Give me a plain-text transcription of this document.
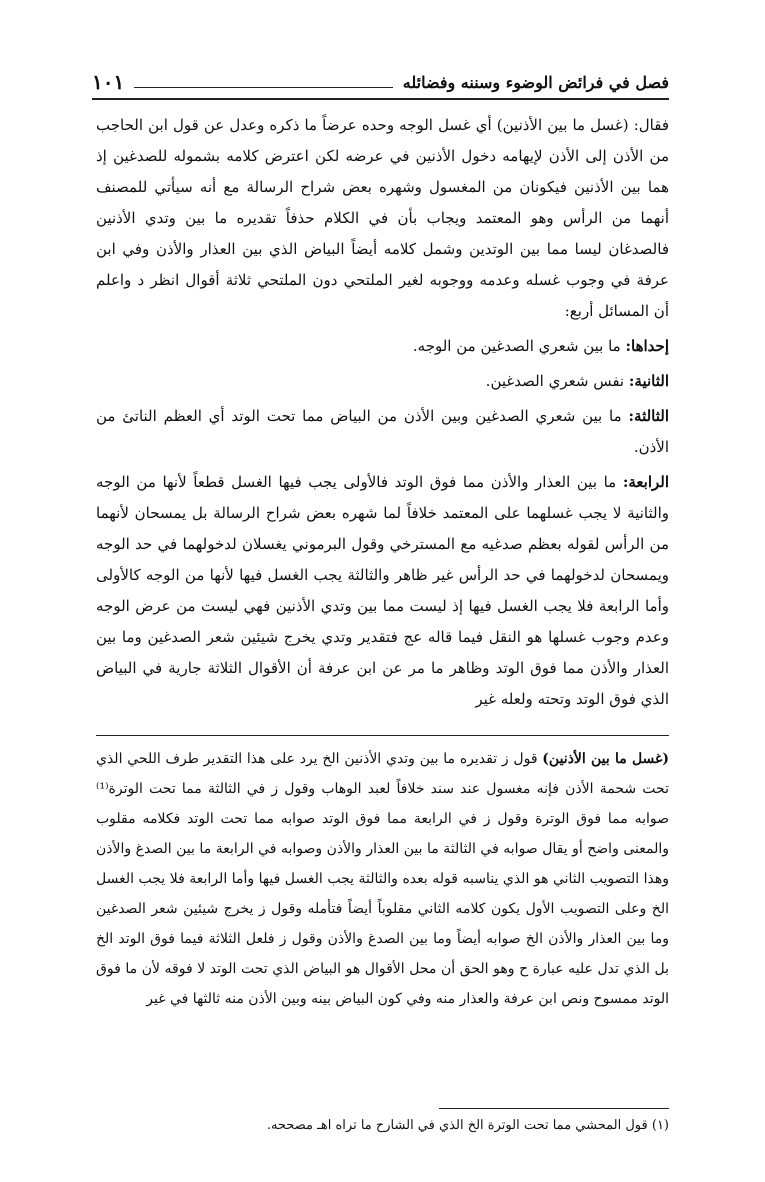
فصل في فرائض الوضوء وسننه وفضائله
١٠١

فقال: (غسل ما بين الأذنين) أي غسل الوجه وحده عرضاً ما ذكره وعدل عن قول ابن الحاجب من الأذن إلى الأذن لإيهامه دخول الأذنين في عرضه لكن اعترض كلامه بشموله للصدغين إذ هما بين الأذنين فيكونان من المغسول وشهره بعض شراح الرسالة مع أنه سيأتي للمصنف أنهما من الرأس وهو المعتمد ويجاب بأن في الكلام حذفاً تقديره ما بين وتدي الأذنين فالصدغان ليسا مما بين الوتدين وشمل كلامه أيضاً البياض الذي بين العذار والأذن وفي ابن عرفة في وجوب غسله وعدمه ووجوبه لغير الملتحي دون الملتحي ثلاثة أقوال انظر د واعلم أن المسائل أربع:

إحداها: ما بين شعري الصدغين من الوجه.

الثانية: نفس شعري الصدغين.

الثالثة: ما بين شعري الصدغين وبين الأذن من البياض مما تحت الوتد أي العظم الناتئ من الأذن.

الرابعة: ما بين العذار والأذن مما فوق الوتد فالأولى يجب فيها الغسل قطعاً لأنها من الوجه والثانية لا يجب غسلهما على المعتمد خلافاً لما شهره بعض شراح الرسالة بل يمسحان لأنهما من الرأس لقوله بعظم صدغيه مع المسترخي وقول البرموني يغسلان لدخولهما في حد الوجه ويمسحان لدخولهما في حد الرأس غير ظاهر والثالثة يجب الغسل فيها لأنها من الوجه كالأولى وأما الرابعة فلا يجب الغسل فيها إذ ليست مما بين وتدي الأذنين فهي ليست من عرض الوجه وعدم وجوب غسلها هو النقل فيما قاله عج فتقدير وتدي يخرج شيئين شعر الصدغين وما بين العذار والأذن مما فوق الوتد وظاهر ما مر عن ابن عرفة أن الأقوال الثلاثة جارية في البياض الذي فوق الوتد وتحته ولعله غير

(غسل ما بين الأذنين) قول ز تقديره ما بين وتدي الأذنين الخ يرد على هذا التقدير طرف اللحي الذي تحت شحمة الأذن فإنه مغسول عند سند خلافاً لعبد الوهاب وقول ز في الثالثة مما تحت الوترة⁽¹⁾ صوابه مما فوق الوترة وقول ز في الرابعة مما فوق الوتد صوابه مما تحت الوتد فكلامه مقلوب والمعنى واضح أو يقال صوابه في الثالثة ما بين العذار والأذن وصوابه في الرابعة ما بين الصدغ والأذن وهذا التصويب الثاني هو الذي يناسبه قوله بعده والثالثة يجب الغسل فيها وأما الرابعة فلا يجب الغسل الخ وعلى التصويب الأول يكون كلامه الثاني مقلوباً أيضاً فتأمله وقول ز يخرج شيئين شعر الصدغين وما بين العذار والأذن الخ صوابه أيضاً وما بين الصدغ والأذن وقول ز فلعل الثلاثة فيما فوق الوتد الخ بل الذي تدل عليه عبارة ح وهو الحق أن محل الأقوال هو البياض الذي تحت الوتد لا فوقه لأن ما فوق الوتد ممسوح ونص ابن عرفة والعذار منه وفي كون البياض بينه وبين الأذن منه ثالثها في غير

(١) قول المحشي مما تحت الوترة الخ الذي في الشارح ما تراه اهـ مصححه.
